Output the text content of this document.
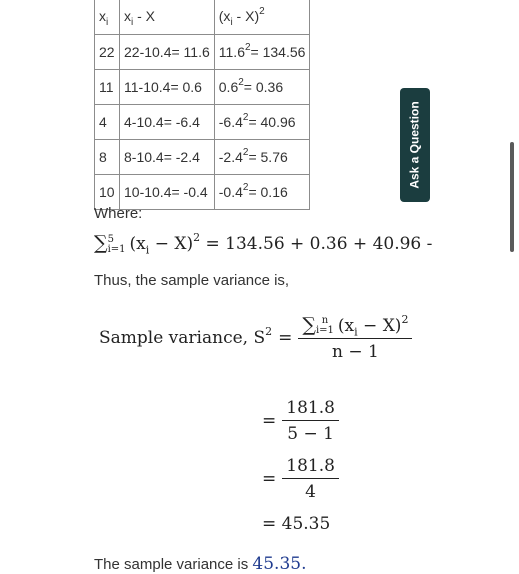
$x_i$	$x_i$ - X	$(x_i - X)^2$
22	22-10.4= 11.6	$11.6^2= 134.56$
11	11-10.4= 0.6	$0.6^2= 0.36$
4	4-10.4= -6.4	$-6.4^2= 40.96$
8	8-10.4= -2.4	$-2.4^2= 5.76$
10	10-10.4= -0.4	$-0.4^2= 0.16$
Where:
∑ 5
i=1 $(x_i - X)^2 = 134.56 + 0.36 + 40.96$ -
Thus, the sample variance is,
Sample variance, $S^2$ = ∑ n
i=1 $(x_i - X)^2$
n − 1
= $\frac{181.8}{5 - 1}$
= $\frac{181.8}{4}$
= 45.35
The sample variance is 45.35.
Ask a Question
